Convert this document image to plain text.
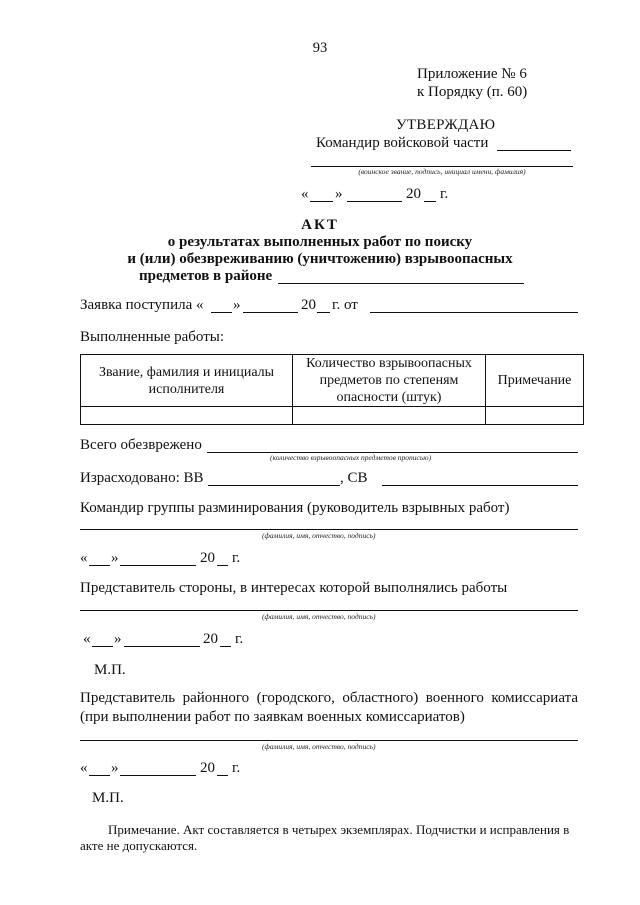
93
Приложение № 6
к Порядку (п. 60)
УТВЕРЖДАЮ
Командир войсковой части
(воинское звание, подпись, инициал имени, фамилия)
« »	20 г.
АКТ
о результатах выполненных работ по поиску
и (или) обезвреживанию (уничтожению) взрывоопасных
предметов в районе
Заявка поступила « »	20 г. от
Выполненные работы:
Звание, фамилия и инициалы исполнителя	Количество взрывоопасных предметов по степеням опасности (штук)	Примечание

Всего обезврежено
(количество взрывоопасных предметов прописью)
Израсходовано: ВВ	, СВ
Командир группы разминирования (руководитель взрывных работ)
(фамилия, имя, отчество, подпись)
« »	20 г.
Представитель стороны, в интересах которой выполнялись работы
(фамилия, имя, отчество, подпись)
« »	20 г.
М.П.
Представитель районного (городского, областного) военного комиссариата
(при выполнении работ по заявкам военных комиссариатов)
(фамилия, имя, отчество, подпись)
« »	20 г.
М.П.
Примечание. Акт составляется в четырех экземплярах. Подчистки и исправления в
акте не допускаются.
